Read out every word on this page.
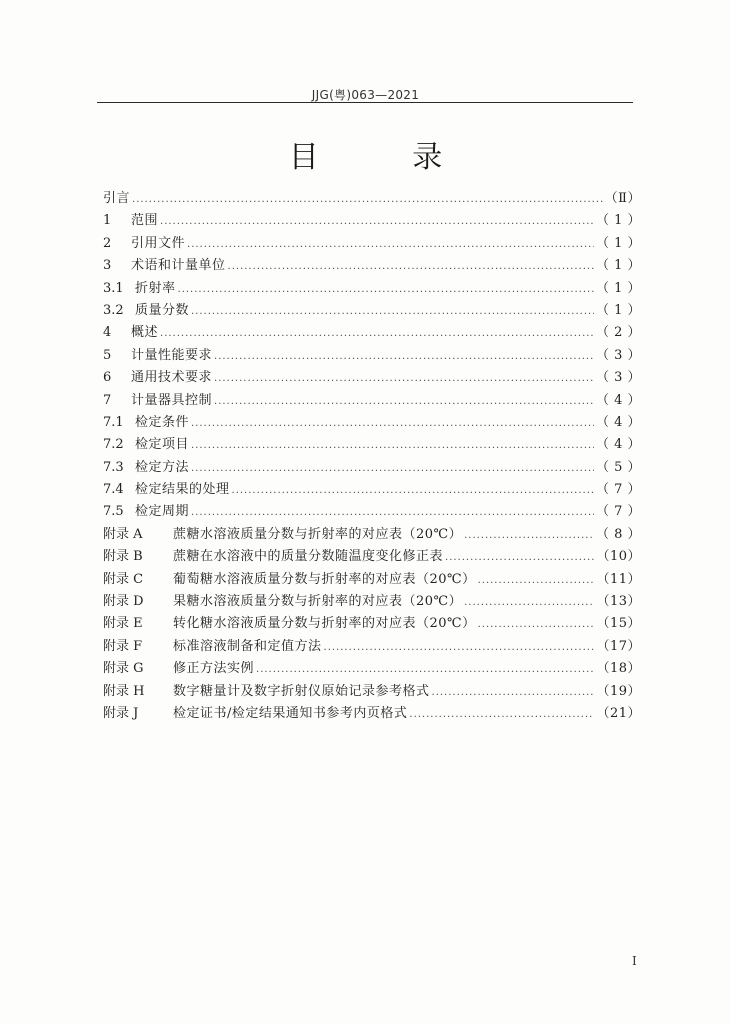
JJG(粤)063—2021
目 录
引言 .....	（Ⅱ）
1	范围 .....	（ 1 ）
2	引用文件 .....	（ 1 ）
3	术语和计量单位 .....	（ 1 ）
3.1 折射率 .....	（ 1 ）
3.2 质量分数 .....	（ 1 ）
4	概述 .....	（ 2 ）
5	计量性能要求 .....	（ 3 ）
6	通用技术要求 .....	（ 3 ）
7	计量器具控制 .....	（ 4 ）
7.1 检定条件 .....	（ 4 ）
7.2 检定项目 .....	（ 4 ）
7.3 检定方法 .....	（ 5 ）
7.4 检定结果的处理 .....	（ 7 ）
7.5 检定周期 .....	（ 7 ）
附录 A	蔗糖水溶液质量分数与折射率的对应表（20℃） .....	（ 8 ）
附录 B	蔗糖在水溶液中的质量分数随温度变化修正表 .....	（10）
附录 C	葡萄糖水溶液质量分数与折射率的对应表（20℃） .....	（11）
附录 D	果糖水溶液质量分数与折射率的对应表（20℃） .....	（13）
附录 E	转化糖水溶液质量分数与折射率的对应表（20℃） .....	（15）
附录 F	标准溶液制备和定值方法 .....	（17）
附录 G	修正方法实例 .....	（18）
附录 H	数字糖量计及数字折射仪原始记录参考格式 .....	（19）
附录 J	检定证书/检定结果通知书参考内页格式 .....	（21）
I
